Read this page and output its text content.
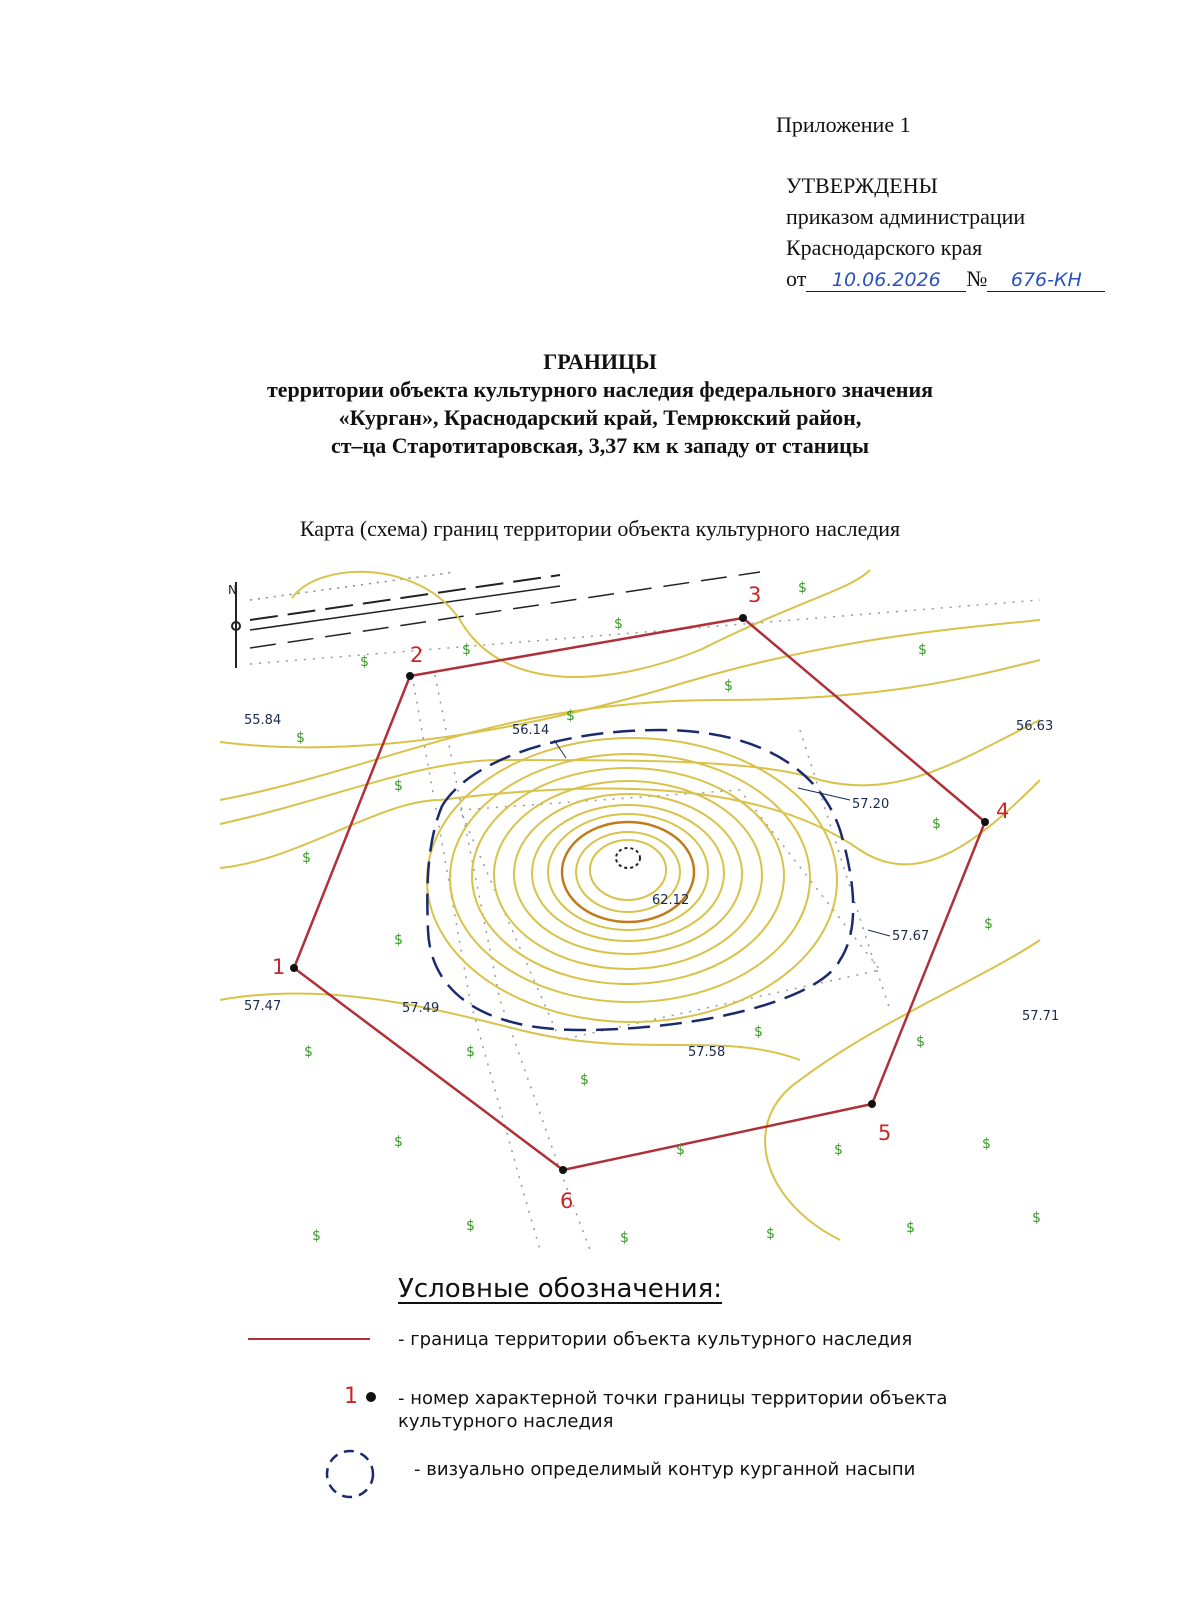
Приложение 1
УТВЕРЖДЕНЫ
приказом администрации
Краснодарского края
от 10.06.2026 № 676-КН
ГРАНИЦЫ
территории объекта культурного наследия федерального значения
«Курган», Краснодарский край, Темрюкский район,
ст–ца Старотитаровская, 3,37 км к западу от станицы
Карта (схема) границ территории объекта культурного наследия
$
$
$
$
$
$
$
$
$
$
$
$
$
$	$
$
$
$
$	$	$	$
$
$
$	$	$
$
N
1
2
3
4
5
6
55.84
56.14	56.63
57.20
62.12
57.67
57.47	57.49
57.71
57.58
Условные обозначения:
- граница территории объекта культурного наследия
1 - номер характерной точки границы территории объекта культурного наследия
- визуально определимый контур курганной насыпи
